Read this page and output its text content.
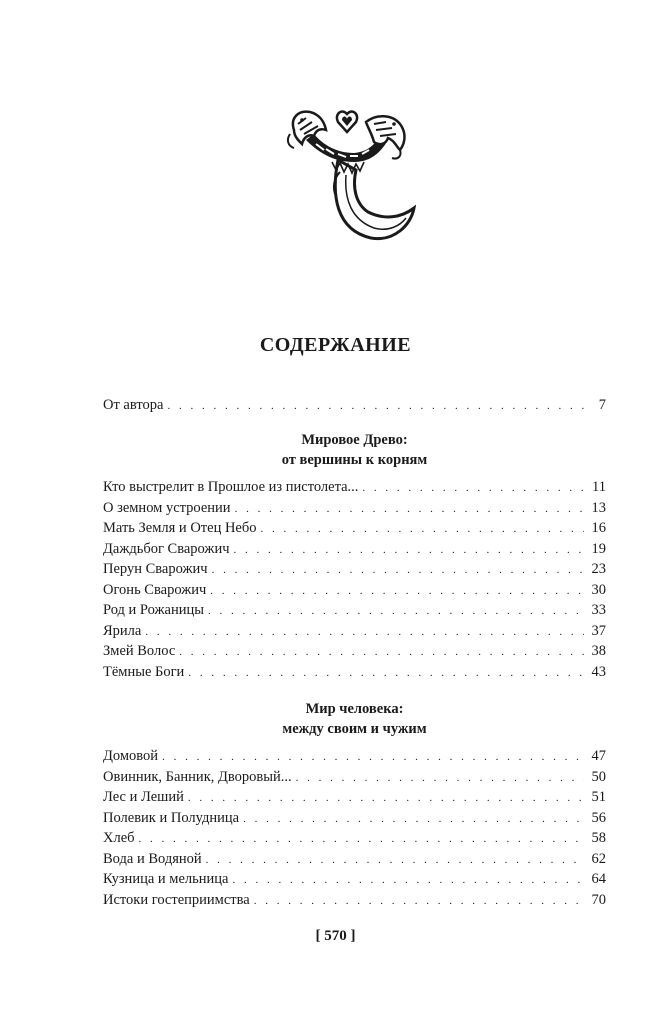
СОДЕРЖАНИЕ
От автора . . .	7
Мировое Древо:
от вершины к корням
Кто выстрелит в Прошлое из пистолета... . . .	11
О земном устроении . . .	13
Мать Земля и Отец Небо . . .	16
Даждьбог Сварожич . . .	19
Перун Сварожич . . .	23
Огонь Сварожич . . .	30
Род и Рожаницы . . .	33
Ярила . . .	37
Змей Волос . . .	38
Тёмные Боги . . .	43
Мир человека:
между своим и чужим
Домовой . . .	47
Овинник, Банник, Дворовый... . . .	50
Лес и Леший . . .	51
Полевик и Полудница . . .	56
Хлеб . . .	58
Вода и Водяной . . .	62
Кузница и мельница . . .	64
Истоки гостеприимства . . .	70
[ 570 ]
